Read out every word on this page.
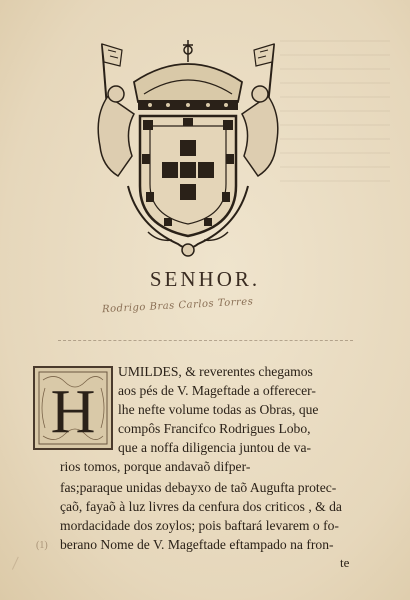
SENHOR.
Rodrigo Bras Carlos Torres
H
UMILDES, & reverentes chegamos
aos pés de V. Mageftade a offerecer-
lhe nefte volume todas as Obras, que
compôs Francifco Rodrigues Lobo,
que a noffa diligencia juntou de va-
rios tomos, porque andavaõ difper-
fas;paraque unidas debayxo de taõ Augufta protec-
çaõ, fayaõ à luz livres da cenfura dos criticos , & da
mordacidade dos zoylos; pois baftará levarem o fo-
berano Nome de V. Mageftade eftampado na fron-
te
(1)
